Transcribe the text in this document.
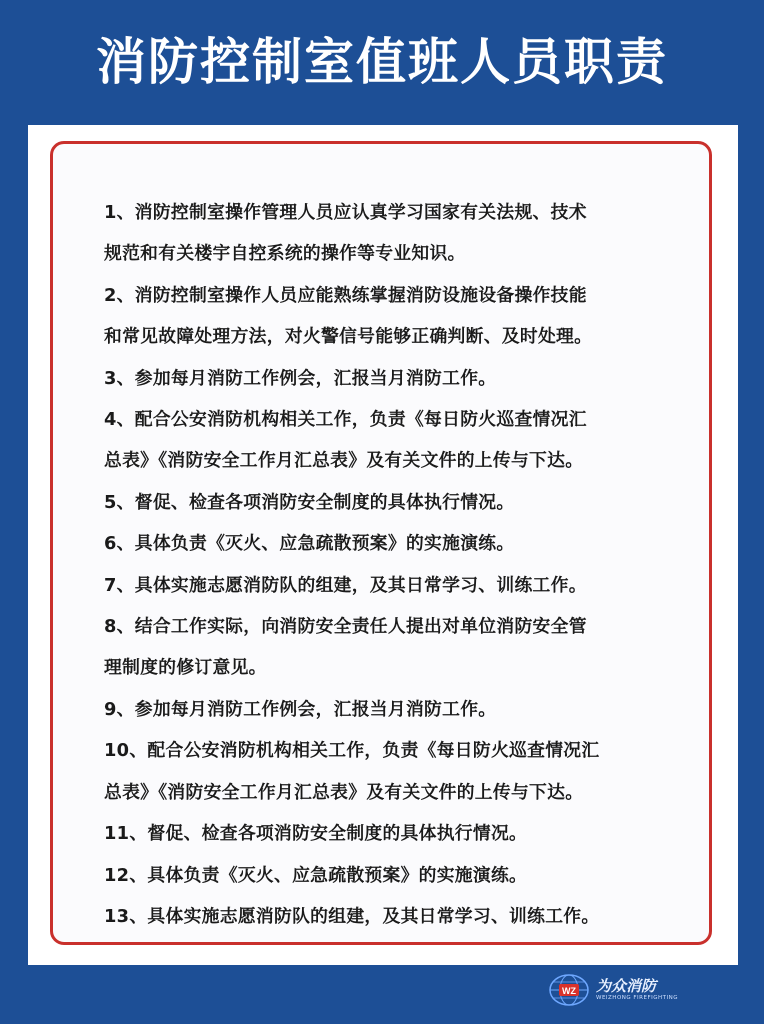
消防控制室值班人员职责
1、消防控制室操作管理人员应认真学习国家有关法规、技术
规范和有关楼宇自控系统的操作等专业知识。
2、消防控制室操作人员应能熟练掌握消防设施设备操作技能
和常见故障处理方法，对火警信号能够正确判断、及时处理。
3、参加每月消防工作例会，汇报当月消防工作。
4、配合公安消防机构相关工作，负责《每日防火巡查情况汇
总表》《消防安全工作月汇总表》及有关文件的上传与下达。
5、督促、检查各项消防安全制度的具体执行情况。
6、具体负责《灭火、应急疏散预案》的实施演练。
7、具体实施志愿消防队的组建，及其日常学习、训练工作。
8、结合工作实际，向消防安全责任人提出对单位消防安全管
理制度的修订意见。
9、参加每月消防工作例会，汇报当月消防工作。
10、配合公安消防机构相关工作，负责《每日防火巡查情况汇
总表》《消防安全工作月汇总表》及有关文件的上传与下达。
11、督促、检查各项消防安全制度的具体执行情况。
12、具体负责《灭火、应急疏散预案》的实施演练。
13、具体实施志愿消防队的组建，及其日常学习、训练工作。
WZ 为众消防
WEIZHONG FIREFIGHTING
